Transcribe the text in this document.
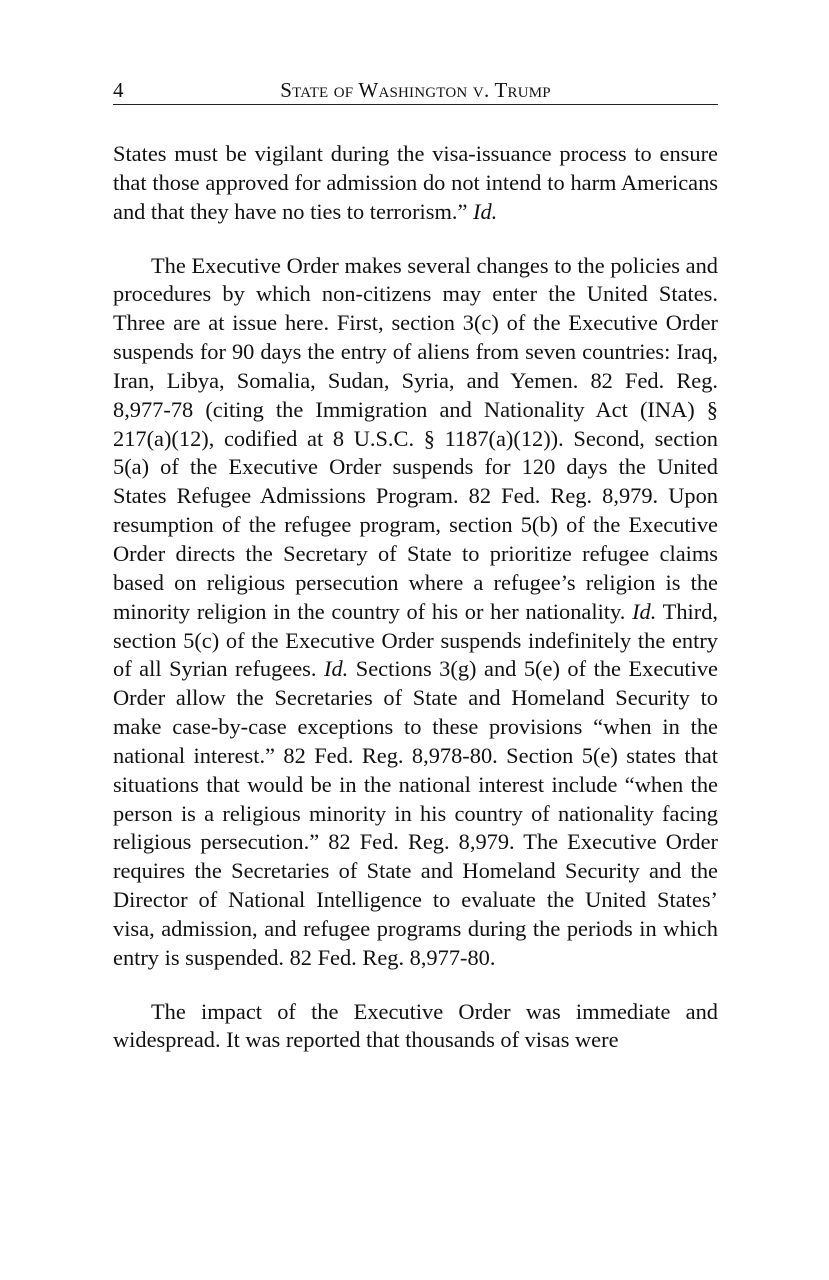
4	State of Washington v. Trump

States must be vigilant during the visa-issuance process to ensure that those approved for admission do not intend to harm Americans and that they have no ties to terrorism.” Id.

The Executive Order makes several changes to the policies and procedures by which non-citizens may enter the United States. Three are at issue here. First, section 3(c) of the Executive Order suspends for 90 days the entry of aliens from seven countries: Iraq, Iran, Libya, Somalia, Sudan, Syria, and Yemen. 82 Fed. Reg. 8,977-78 (citing the Immigration and Nationality Act (INA) § 217(a)(12), codified at 8 U.S.C. § 1187(a)(12)). Second, section 5(a) of the Executive Order suspends for 120 days the United States Refugee Admissions Program. 82 Fed. Reg. 8,979. Upon resumption of the refugee program, section 5(b) of the Executive Order directs the Secretary of State to prioritize refugee claims based on religious persecution where a refugee’s religion is the minority religion in the country of his or her nationality. Id. Third, section 5(c) of the Executive Order suspends indefinitely the entry of all Syrian refugees. Id. Sections 3(g) and 5(e) of the Executive Order allow the Secretaries of State and Homeland Security to make case-by-case exceptions to these provisions “when in the national interest.” 82 Fed. Reg. 8,978-80. Section 5(e) states that situations that would be in the national interest include “when the person is a religious minority in his country of nationality facing religious persecution.” 82 Fed. Reg. 8,979. The Executive Order requires the Secretaries of State and Homeland Security and the Director of National Intelligence to evaluate the United States’ visa, admission, and refugee programs during the periods in which entry is suspended. 82 Fed. Reg. 8,977-80.

The impact of the Executive Order was immediate and widespread. It was reported that thousands of visas were
